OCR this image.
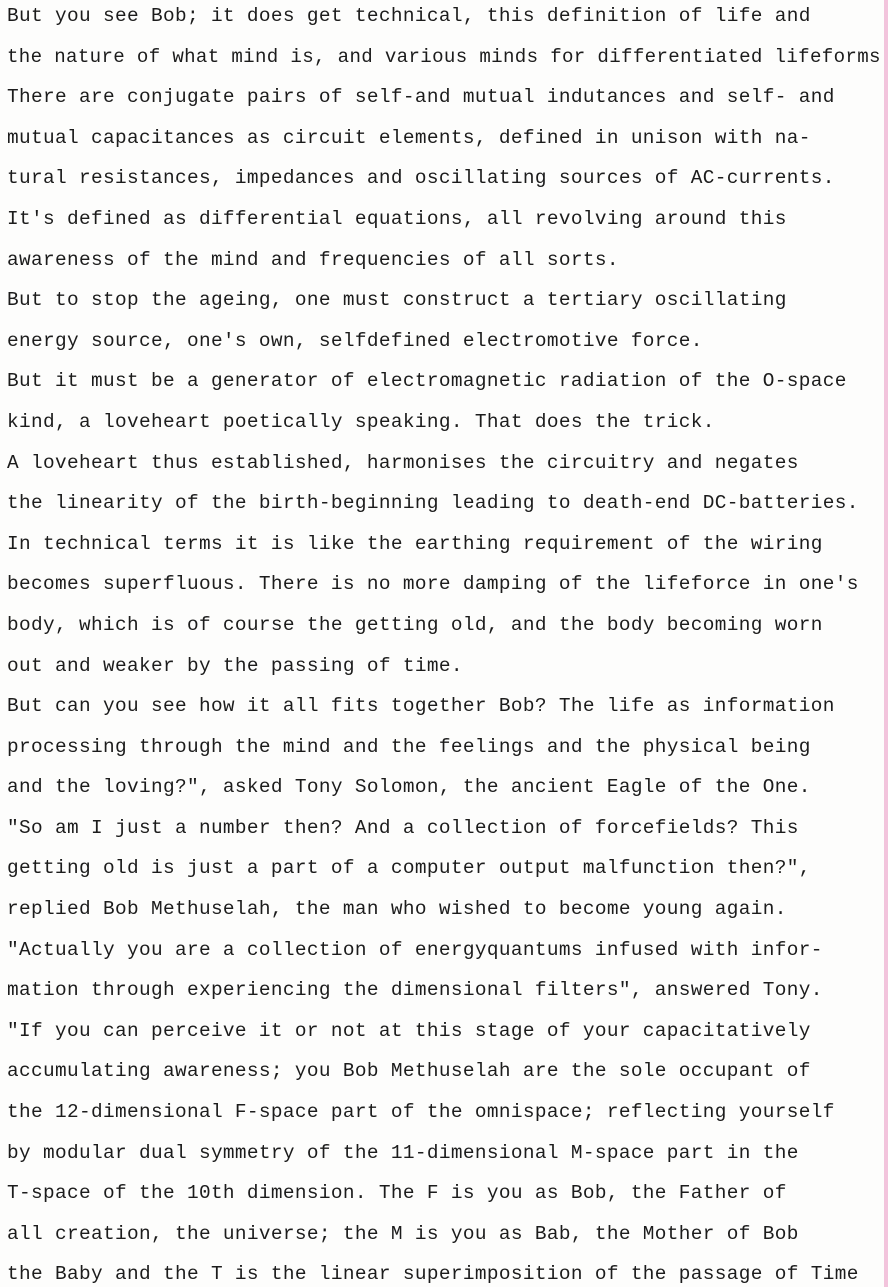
But you see Bob; it does get technical, this definition of life and
the nature of what mind is, and various minds for differentiated lifeforms
There are conjugate pairs of self-and mutual indutances and self- and
mutual capacitances as circuit elements, defined in unison with na-
tural resistances, impedances and oscillating sources of AC-currents.
It's defined as differential equations, all revolving around this
awareness of the mind and frequencies of all sorts.
But to stop the ageing, one must construct a tertiary oscillating
energy source, one's own, selfdefined electromotive force.
But it must be a generator of electromagnetic radiation of the O-space
kind, a loveheart poetically speaking. That does the trick.
A loveheart thus established, harmonises the circuitry and negates
the linearity of the birth-beginning leading to death-end DC-batteries.
In technical terms it is like the earthing requirement of the wiring
becomes superfluous. There is no more damping of the lifeforce in one's
body, which is of course the getting old, and the body becoming worn
out and weaker by the passing of time.
But can you see how it all fits together Bob? The life as information
processing through the mind and the feelings and the physical being
and the loving?", asked Tony Solomon, the ancient Eagle of the One.
"So am I just a number then? And a collection of forcefields? This
getting old is just a part of a computer output malfunction then?",
replied Bob Methuselah, the man who wished to become young again.
"Actually you are a collection of energyquantums infused with infor-
mation through experiencing the dimensional filters", answered Tony.
"If you can perceive it or not at this stage of your capacitatively
accumulating awareness; you Bob Methuselah are the sole occupant of
the 12-dimensional F-space part of the omnispace; reflecting yourself
by modular dual symmetry of the 11-dimensional M-space part in the
T-space of the 10th dimension. The F is you as Bob, the Father of
all creation, the universe; the M is you as Bab, the Mother of Bob
the Baby and the T is the linear superimposition of the passage of Time
